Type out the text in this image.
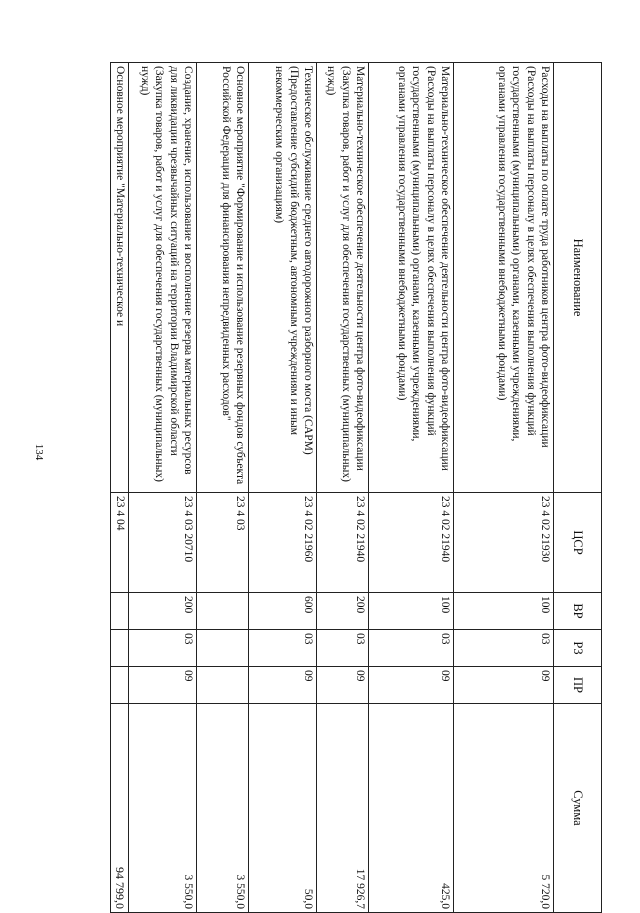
134
Наименование	ЦСР	ВР	РЗ	ПР	Сумма
Расходы на выплаты по оплате труда работников центра фото-видеофиксации (Расходы на выплаты персоналу в целях обеспечения выполнения функций государственными (муниципальными) органами, казенными учреждениями, органами управления государственными внебюджетными фондами)	23 4 02 21930	100	03	09	5 720,0
Материально-техническое обеспечение деятельности центра фото-видеофиксации (Расходы на выплаты персоналу в целях обеспечения выполнения функций государственными (муниципальными) органами, казенными учреждениями, органами управления государственными внебюджетными фондами)	23 4 02 21940	100	03	09	425,0
Материально-техническое обеспечение деятельности центра фото-видеофиксации (Закупка товаров, работ и услуг для обеспечения государственных (муниципальных) нужд)	23 4 02 21940	200	03	09	17 926,7
Техническое обслуживание среднего автодорожного разборного моста (САРМ) (Предоставление субсидий бюджетным, автономным учреждениям и иным некоммерческим организациям)	23 4 02 21960	600	03	09	50,0
Основное мероприятие "Формирование и использование резервных фондов субъекта Российской Федерации для финансирования непредвиденных расходов"	23 4 03				3 550,0
Создание, хранение, использование и восполнение резерва материальных ресурсов для ликвидации чрезвычайных ситуаций на территории Владимирской области (Закупка товаров, работ и услуг для обеспечения государственных (муниципальных) нужд)	23 4 03 20710	200	03	09	3 550,0
Основное мероприятие "Материально-техническое и	23 4 04				94 799,0
